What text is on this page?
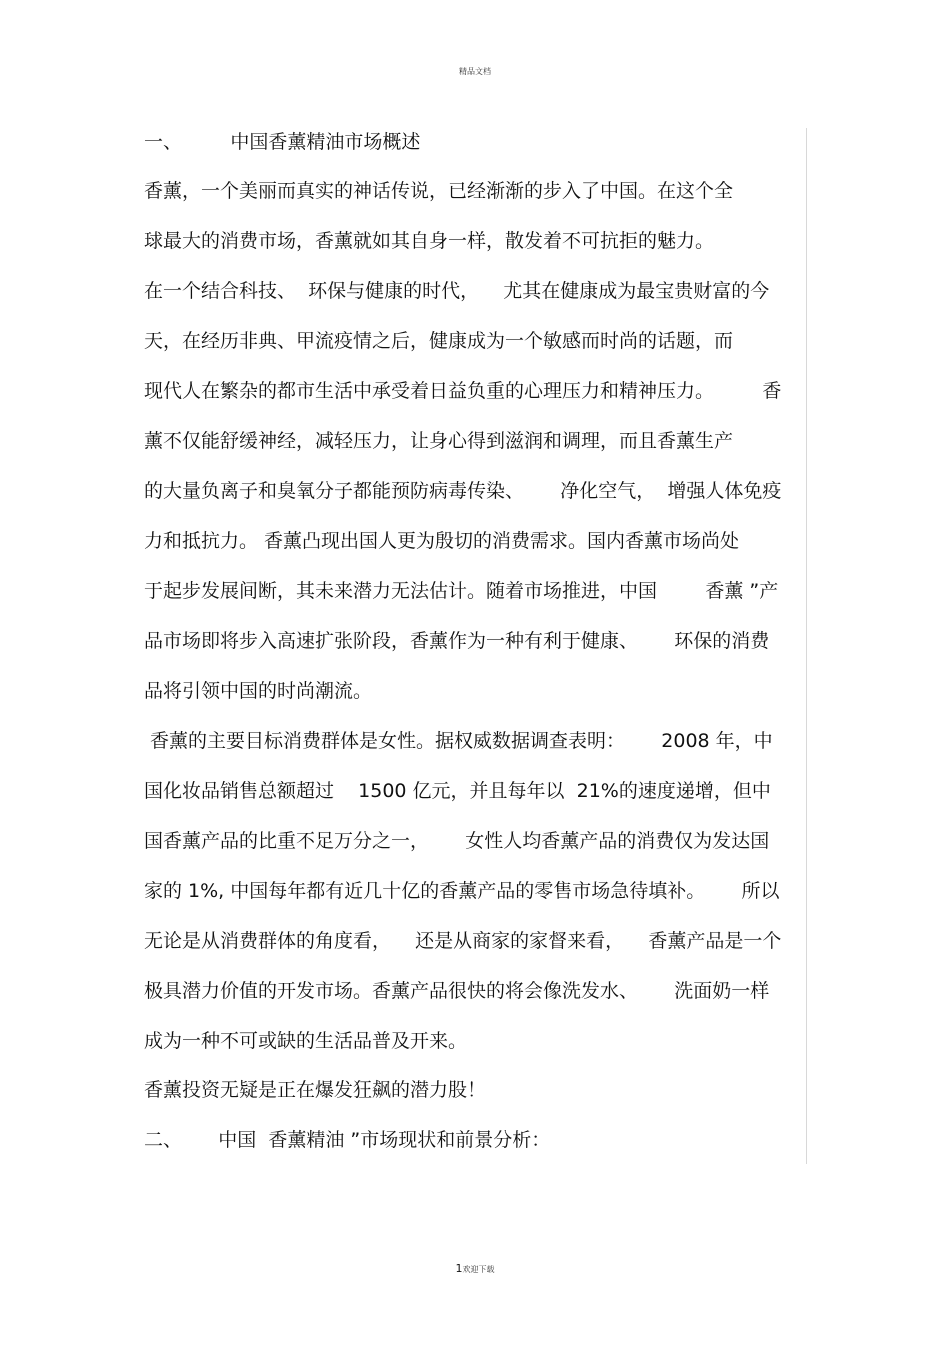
精品文档
一、        中国香薰精油市场概述
香薰，一个美丽而真实的神话传说，已经渐渐的步入了中国。在这个全
球最大的消费市场，香薰就如其自身一样，散发着不可抗拒的魅力。
在一个结合科技、  环保与健康的时代，    尤其在健康成为最宝贵财富的今
天，在经历非典、甲流疫情之后，健康成为一个敏感而时尚的话题，而
现代人在繁杂的都市生活中承受着日益负重的心理压力和精神压力。        香
薰不仅能舒缓神经，减轻压力，让身心得到滋润和调理，而且香薰生产
的大量负离子和臭氧分子都能预防病毒传染、      净化空气，  增强人体免疫
力和抵抗力。 香薰凸现出国人更为殷切的消费需求。国内香薰市场尚处
于起步发展间断，其未来潜力无法估计。随着市场推进，中国        香薰 ”产
品市场即将步入高速扩张阶段，香薰作为一种有利于健康、      环保的消费
品将引领中国的时尚潮流。
香薰的主要目标消费群体是女性。据权威数据调查表明：      2008 年，中
国化妆品销售总额超过    1500 亿元，并且每年以  21%的速度递增，但中
国香薰产品的比重不足万分之一，      女性人均香薰产品的消费仅为发达国
家的 1%, 中国每年都有近几十亿的香薰产品的零售市场急待填补。      所以
无论是从消费群体的角度看，    还是从商家的家督来看，    香薰产品是一个
极具潜力价值的开发市场。香薰产品很快的将会像洗发水、      洗面奶一样
成为一种不可或缺的生活品普及开来。
香薰投资无疑是正在爆发狂飙的潜力股！
二、      中国  香薰精油 ”市场现状和前景分析：
1欢迎下载
